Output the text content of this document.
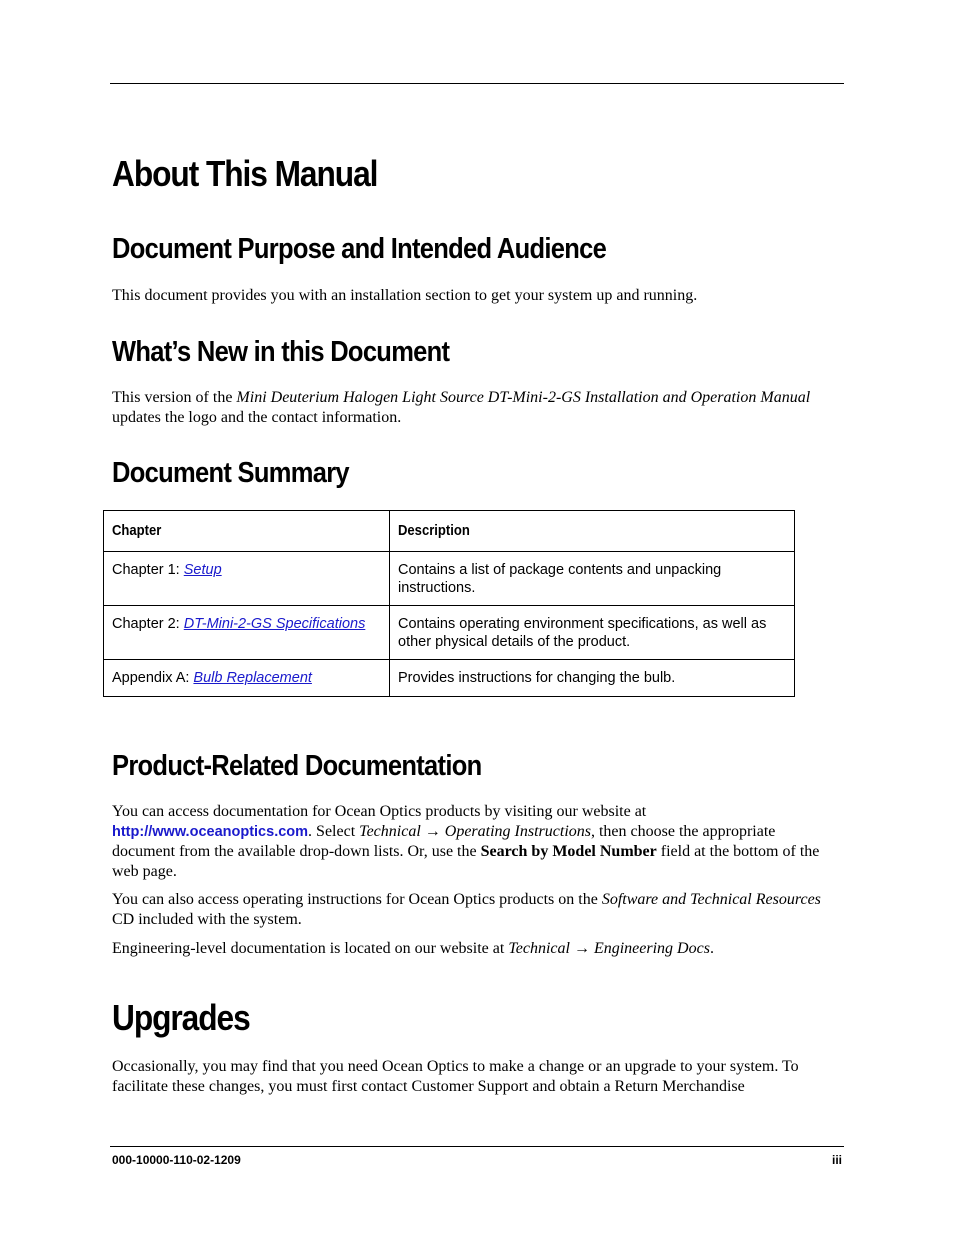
About This Manual
Document Purpose and Intended Audience

This document provides you with an installation section to get your system up and running.

What’s New in this Document

This version of the Mini Deuterium Halogen Light Source DT-Mini-2-GS Installation and Operation Manual updates the logo and the contact information.

Document Summary
Chapter	Description
Chapter 1: Setup	Contains a list of package contents and unpacking instructions.
Chapter 2: DT-Mini-2-GS Specifications	Contains operating environment specifications, as well as other physical details of the product.
Appendix A: Bulb Replacement	Provides instructions for changing the bulb.
Product-Related Documentation

You can access documentation for Ocean Optics products by visiting our website at http://www.oceanoptics.com. Select Technical → Operating Instructions, then choose the appropriate document from the available drop-down lists. Or, use the Search by Model Number field at the bottom of the web page.

You can also access operating instructions for Ocean Optics products on the Software and Technical Resources CD included with the system.

Engineering-level documentation is located on our website at Technical → Engineering Docs.

Upgrades

Occasionally, you may find that you need Ocean Optics to make a change or an upgrade to your system. To facilitate these changes, you must first contact Customer Support and obtain a Return Merchandise

000-10000-110-02-1209	iii
